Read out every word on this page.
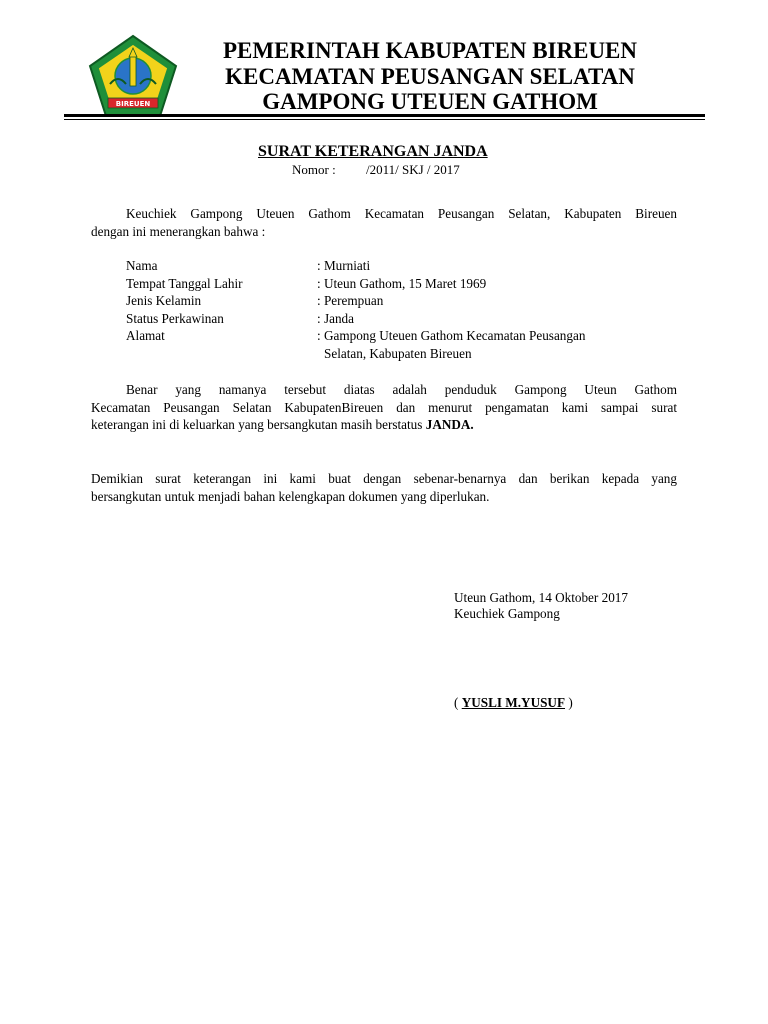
BIREUEN
PEMERINTAH KABUPATEN BIREUEN
KECAMATAN PEUSANGAN SELATAN
GAMPONG UTEUEN GATHOM
SURAT KETERANGAN JANDA
Nomor : /2011/ SKJ / 2017
Keuchiek Gampong Uteuen Gathom Kecamatan Peusangan Selatan, Kabupaten Bireuen
dengan ini menerangkan bahwa :
Nama	: Murniati
Tempat Tanggal Lahir	: Uteun Gathom, 15 Maret 1969
Jenis Kelamin	: Perempuan
Status Perkawinan	: Janda
Alamat	: Gampong Uteuen Gathom Kecamatan Peusangan
Selatan, Kabupaten Bireuen
Benar yang namanya tersebut diatas adalah penduduk Gampong Uteun Gathom
Kecamatan Peusangan Selatan KabupatenBireuen dan menurut pengamatan kami sampai surat
keterangan ini di keluarkan yang bersangkutan masih berstatus JANDA.
Demikian surat keterangan ini kami buat dengan sebenar-benarnya dan berikan kepada yang
bersangkutan untuk menjadi bahan kelengkapan dokumen yang diperlukan.
Uteun Gathom, 14 Oktober 2017
Keuchiek Gampong
( YUSLI M.YUSUF )
